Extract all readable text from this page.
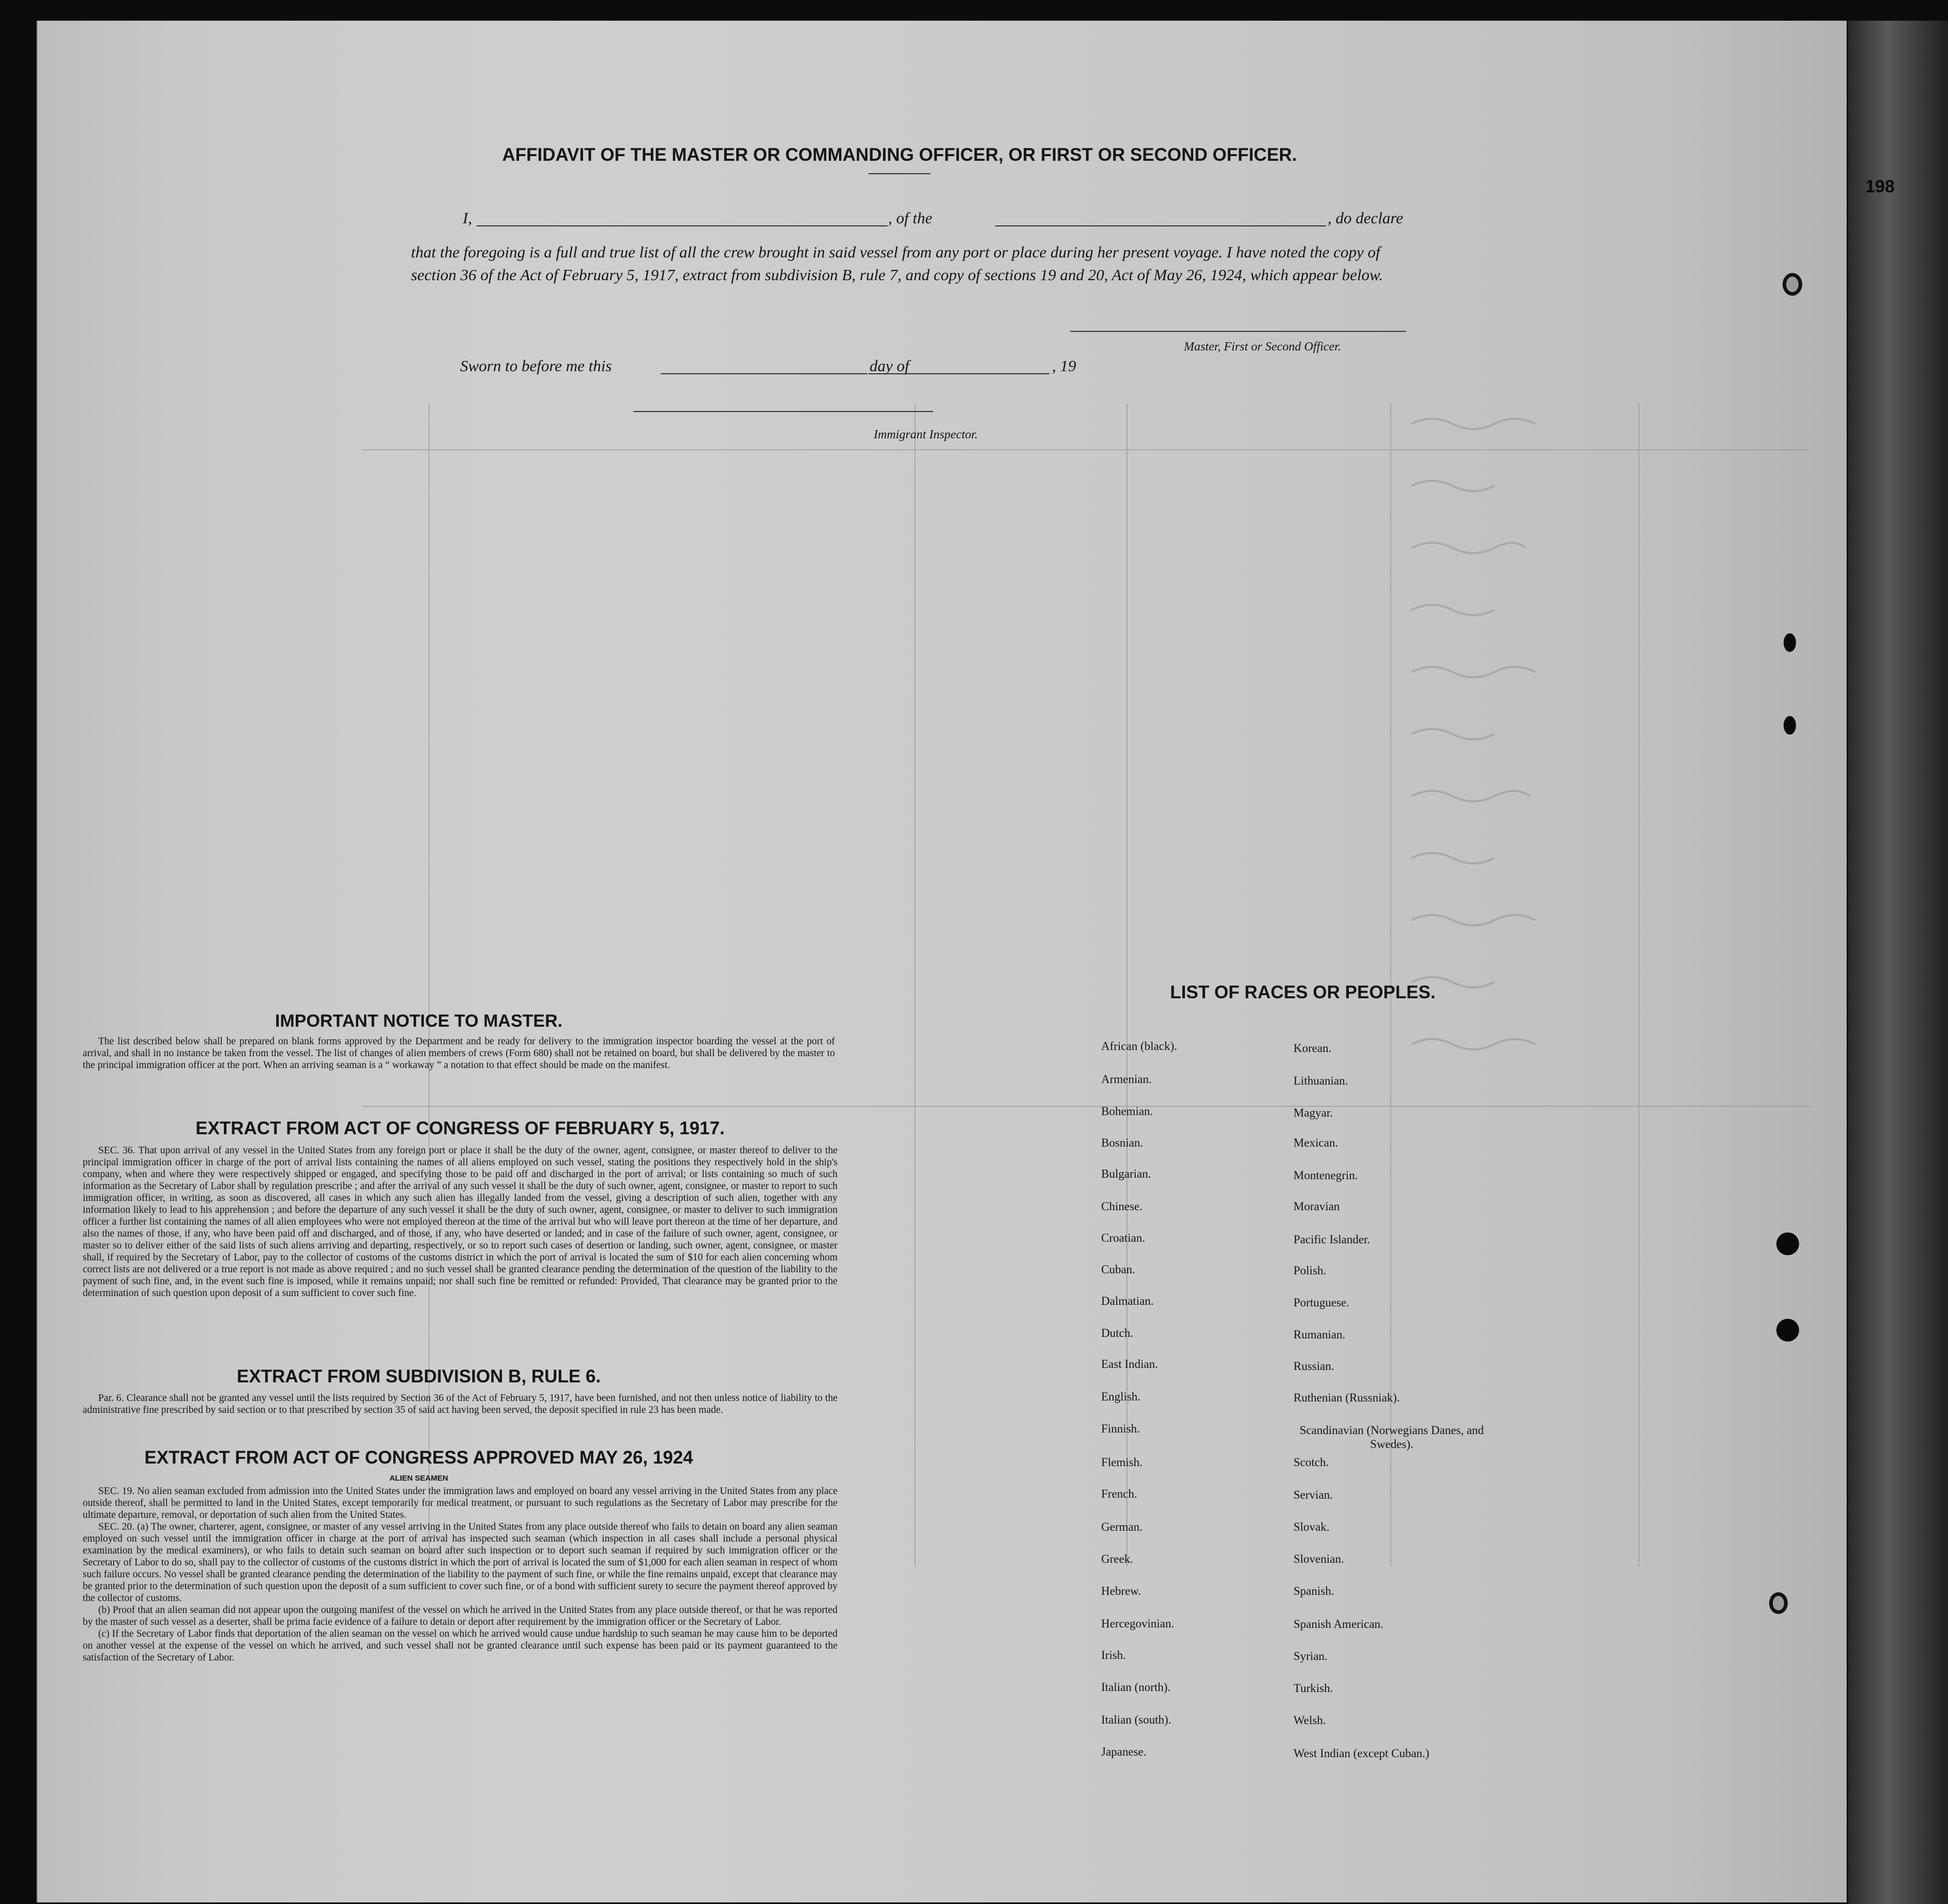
198
AFFIDAVIT OF THE MASTER OR COMMANDING OFFICER, OR FIRST OR SECOND OFFICER.
I,	, of the	, do declare
that the foregoing is a full and true list of all the crew brought in said vessel from any port or place during her present voyage. I have noted the copy of section 36 of the Act of February 5, 1917, extract from subdivision B, rule 7, and copy of sections 19 and 20, Act of May 26, 1924, which appear below.
Master, First or Second Officer.
Sworn to before me this	day of	, 19
Immigrant Inspector.
IMPORTANT NOTICE TO MASTER.

The list described below shall be prepared on blank forms approved by the Department and be ready for delivery to the immigration inspector boarding the vessel at the port of arrival, and shall in no instance be taken from the vessel. The list of changes of alien members of crews (Form 680) shall not be retained on board, but shall be delivered by the master to the principal immigration officer at the port. When an arriving seaman is a “ workaway ” a notation to that effect should be made on the manifest.

EXTRACT FROM ACT OF CONGRESS OF FEBRUARY 5, 1917.

SEC. 36. That upon arrival of any vessel in the United States from any foreign port or place it shall be the duty of the owner, agent, consignee, or master thereof to deliver to the principal immigration officer in charge of the port of arrival lists containing the names of all aliens employed on such vessel, stating the positions they respectively hold in the ship's company, when and where they were respectively shipped or engaged, and specifying those to be paid off and discharged in the port of arrival; or lists containing so much of such information as the Secretary of Labor shall by regulation prescribe ; and after the arrival of any such vessel it shall be the duty of such owner, agent, consignee, or master to report to such immigration officer, in writing, as soon as discovered, all cases in which any such alien has illegally landed from the vessel, giving a description of such alien, together with any information likely to lead to his apprehension ; and before the departure of any such vessel it shall be the duty of such owner, agent, consignee, or master to deliver to such immigration officer a further list containing the names of all alien employees who were not employed thereon at the time of the arrival but who will leave port thereon at the time of her departure, and also the names of those, if any, who have been paid off and discharged, and of those, if any, who have deserted or landed; and in case of the failure of such owner, agent, consignee, or master so to deliver either of the said lists of such aliens arriving and departing, respectively, or so to report such cases of desertion or landing, such owner, agent, consignee, or master shall, if required by the Secretary of Labor, pay to the collector of customs of the customs district in which the port of arrival is located the sum of $10 for each alien concerning whom correct lists are not delivered or a true report is not made as above required ; and no such vessel shall be granted clearance pending the determination of the question of the liability to the payment of such fine, and, in the event such fine is imposed, while it remains unpaid; nor shall such fine be remitted or refunded: Provided, That clearance may be granted prior to the determination of such question upon deposit of a sum sufficient to cover such fine.

EXTRACT FROM SUBDIVISION B, RULE 6.

Par. 6. Clearance shall not be granted any vessel until the lists required by Section 36 of the Act of February 5, 1917, have been furnished, and not then unless notice of liability to the administrative fine prescribed by said section or to that prescribed by section 35 of said act having been served, the deposit specified in rule 23 has been made.

EXTRACT FROM ACT OF CONGRESS APPROVED MAY 26, 1924
ALIEN SEAMEN

SEC. 19. No alien seaman excluded from admission into the United States under the immigration laws and employed on board any vessel arriving in the United States from any place outside thereof, shall be permitted to land in the United States, except temporarily for medical treatment, or pursuant to such regulations as the Secretary of Labor may prescribe for the ultimate departure, removal, or deportation of such alien from the United States.

SEC. 20. (a) The owner, charterer, agent, consignee, or master of any vessel arriving in the United States from any place outside thereof who fails to detain on board any alien seaman employed on such vessel until the immigration officer in charge at the port of arrival has inspected such seaman (which inspection in all cases shall include a personal physical examination by the medical examiners), or who fails to detain such seaman on board after such inspection or to deport such seaman if required by such immigration officer or the Secretary of Labor to do so, shall pay to the collector of customs of the customs district in which the port of arrival is located the sum of $1,000 for each alien seaman in respect of whom such failure occurs. No vessel shall be granted clearance pending the determination of the liability to the payment of such fine, or while the fine remains unpaid, except that clearance may be granted prior to the determination of such question upon the deposit of a sum sufficient to cover such fine, or of a bond with sufficient surety to secure the payment thereof approved by the collector of customs.

(b) Proof that an alien seaman did not appear upon the outgoing manifest of the vessel on which he arrived in the United States from any place outside thereof, or that he was reported by the master of such vessel as a deserter, shall be prima facie evidence of a failure to detain or deport after requirement by the immigration officer or the Secretary of Labor.

(c) If the Secretary of Labor finds that deportation of the alien seaman on the vessel on which he arrived would cause undue hardship to such seaman he may cause him to be deported on another vessel at the expense of the vessel on which he arrived, and such vessel shall not be granted clearance until such expense has been paid or its payment guaranteed to the satisfaction of the Secretary of Labor.

LIST OF RACES OR PEOPLES.
African (black).
Armenian.
Bohemian.
Bosnian.
Bulgarian.
Chinese.
Croatian.
Cuban.
Dalmatian.
Dutch.
East Indian.
English.
Finnish.
Flemish.
French.
German.
Greek.
Hebrew.
Hercegovinian.
Irish.
Italian (north).
Italian (south).
Japanese.
Korean.
Lithuanian.
Magyar.
Mexican.
Montenegrin.
Moravian
Pacific Islander.
Polish.
Portuguese.
Rumanian.
Russian.
Ruthenian (Russniak).
Scandinavian (Norwegians Danes, and Swedes).
Scotch.
Servian.
Slovak.
Slovenian.
Spanish.
Spanish American.
Syrian.
Turkish.
Welsh.
West Indian (except Cuban.)
